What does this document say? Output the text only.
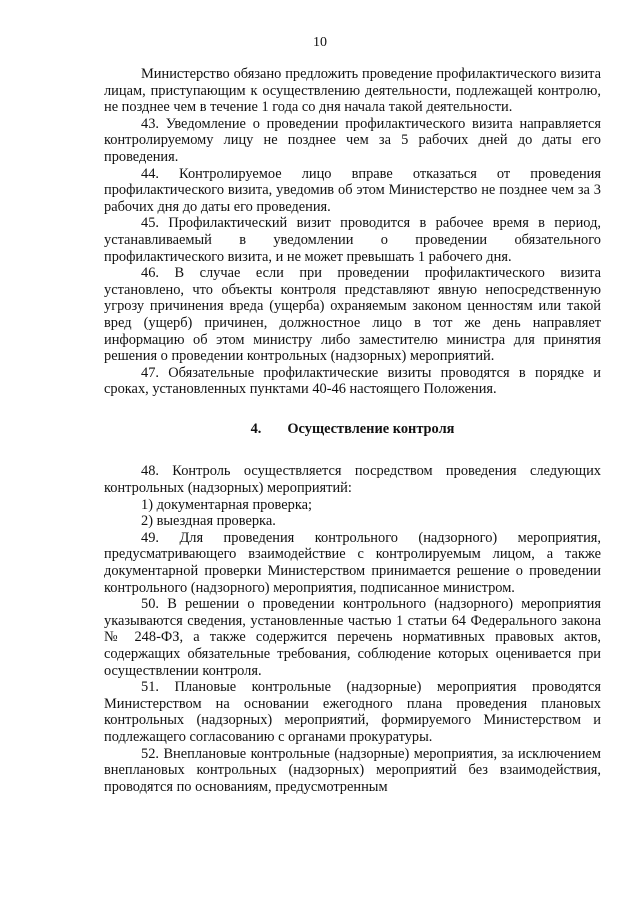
10

Министерство обязано предложить проведение профилактического визита лицам, приступающим к осуществлению деятельности, подлежащей контролю, не позднее чем в течение 1 года со дня начала такой деятельности.

43. Уведомление о проведении профилактического визита направляется контролируемому лицу не позднее чем за 5 рабочих дней до даты его проведения.

44. Контролируемое лицо вправе отказаться от проведения профилактического визита, уведомив об этом Министерство не позднее чем за 3 рабочих дня до даты его проведения.

45. Профилактический визит проводится в рабочее время в период, устанавливаемый в уведомлении о проведении обязательного профилактического визита, и не может превышать 1 рабочего дня.

46. В случае если при проведении профилактического визита установлено, что объекты контроля представляют явную непосредственную угрозу причинения вреда (ущерба) охраняемым законом ценностям или такой вред (ущерб) причинен, должностное лицо в тот же день направляет информацию об этом министру либо заместителю министра для принятия решения о проведении контрольных (надзорных) мероприятий.

47. Обязательные профилактические визиты проводятся в порядке и сроках, установленных пунктами 40-46 настоящего Положения.

4. Осуществление контроля

48. Контроль осуществляется посредством проведения следующих контрольных (надзорных) мероприятий:

1) документарная проверка;

2) выездная проверка.

49. Для проведения контрольного (надзорного) мероприятия, предусматривающего взаимодействие с контролируемым лицом, а также документарной проверки Министерством принимается решение о проведении контрольного (надзорного) мероприятия, подписанное министром.

50. В решении о проведении контрольного (надзорного) мероприятия указываются сведения, установленные частью 1 статьи 64 Федерального закона № 248-ФЗ, а также содержится перечень нормативных правовых актов, содержащих обязательные требования, соблюдение которых оценивается при осуществлении контроля.

51. Плановые контрольные (надзорные) мероприятия проводятся Министерством на основании ежегодного плана проведения плановых контрольных (надзорных) мероприятий, формируемого Министерством и подлежащего согласованию с органами прокуратуры.

52. Внеплановые контрольные (надзорные) мероприятия, за исключением внеплановых контрольных (надзорных) мероприятий без взаимодействия, проводятся по основаниям, предусмотренным
